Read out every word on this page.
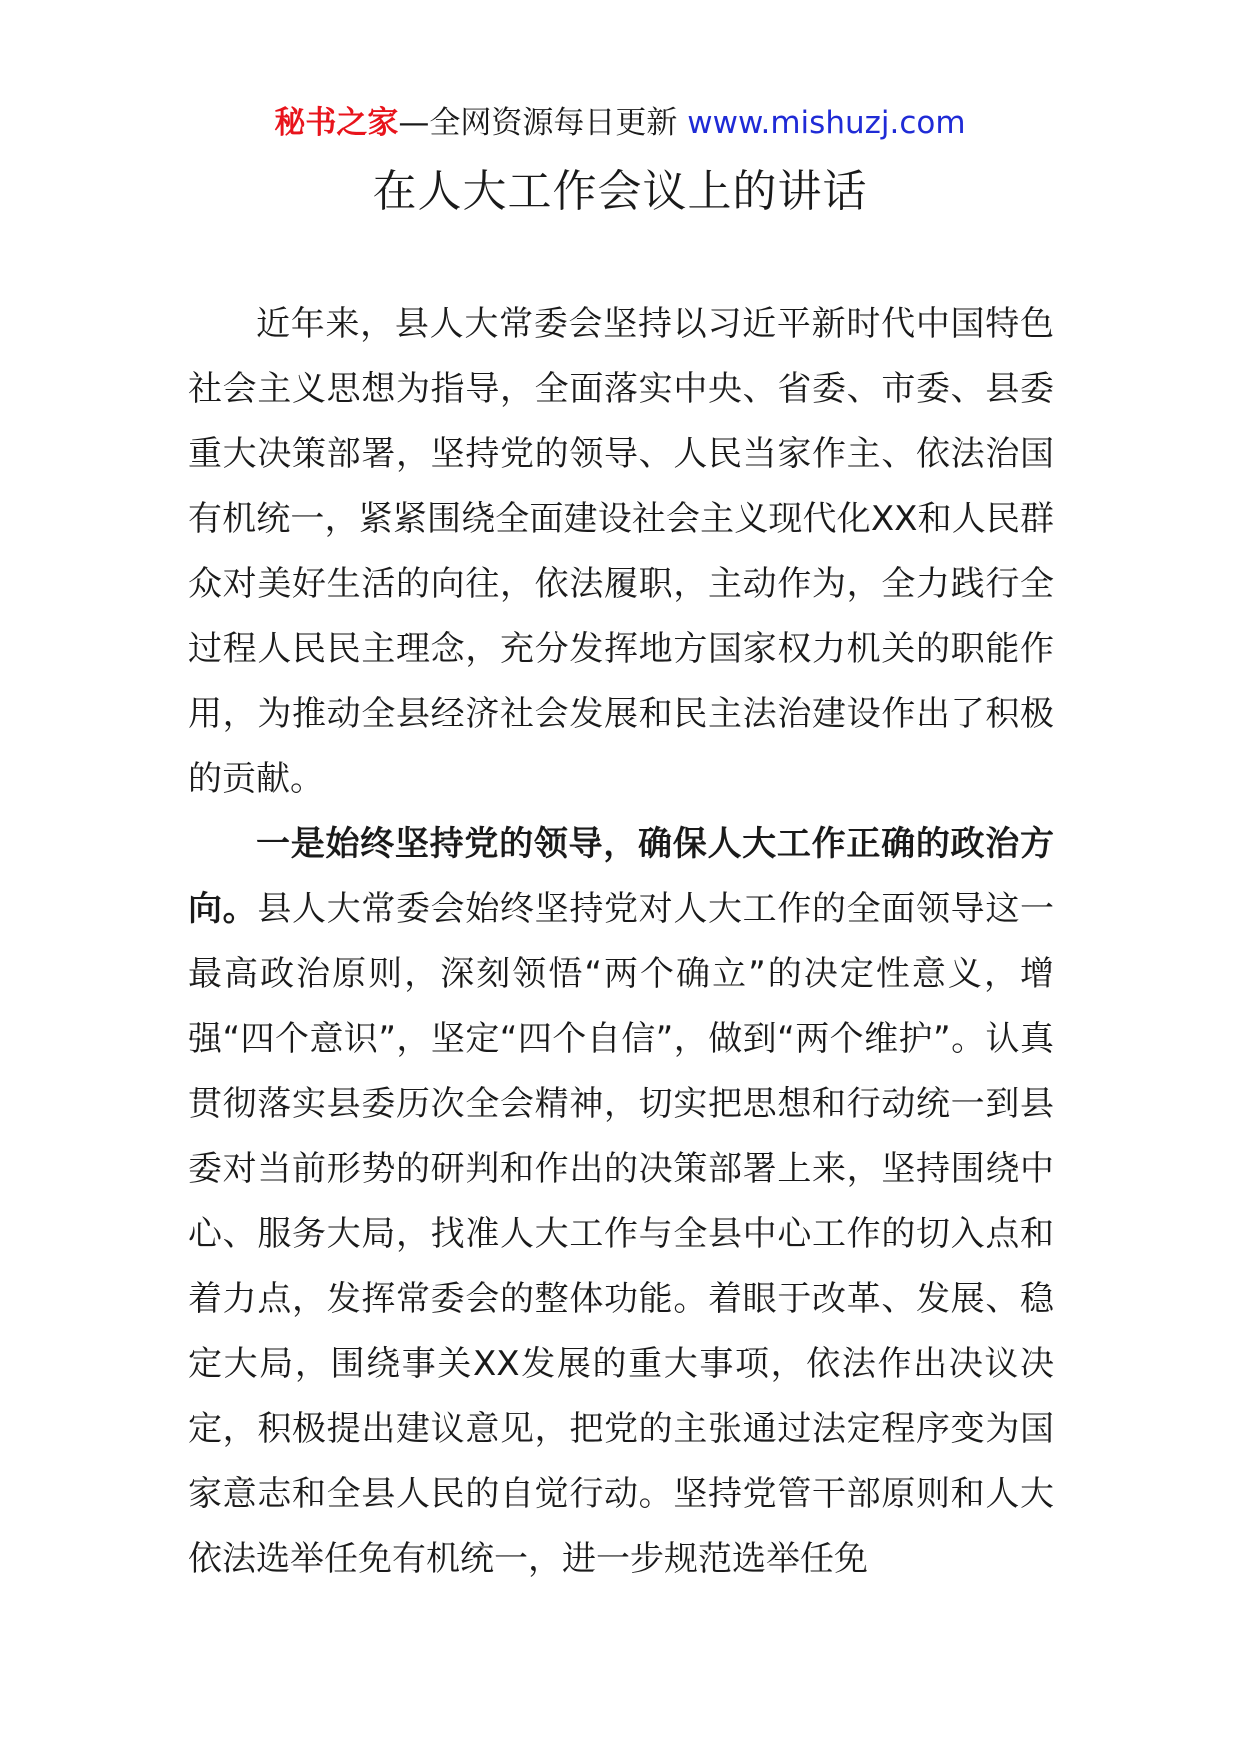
秘书之家—全网资源每日更新 www.mishuzj.com
在人大工作会议上的讲话

近年来，县人大常委会坚持以习近平新时代中国特色社会主义思想为指导，全面落实中央、省委、市委、县委重大决策部署，坚持党的领导、人民当家作主、依法治国有机统一，紧紧围绕全面建设社会主义现代化XX和人民群众对美好生活的向往，依法履职，主动作为，全力践行全过程人民民主理念，充分发挥地方国家权力机关的职能作用，为推动全县经济社会发展和民主法治建设作出了积极的贡献。

一是始终坚持党的领导，确保人大工作正确的政治方向。县人大常委会始终坚持党对人大工作的全面领导这一最高政治原则，深刻领悟“两个确立”的决定性意义，增强“四个意识”，坚定“四个自信”，做到“两个维护”。认真贯彻落实县委历次全会精神，切实把思想和行动统一到县委对当前形势的研判和作出的决策部署上来，坚持围绕中心、服务大局，找准人大工作与全县中心工作的切入点和着力点，发挥常委会的整体功能。着眼于改革、发展、稳定大局，围绕事关XX发展的重大事项，依法作出决议决定，积极提出建议意见，把党的主张通过法定程序变为国家意志和全县人民的自觉行动。坚持党管干部原则和人大依法选举任免有机统一，进一步规范选举任免
